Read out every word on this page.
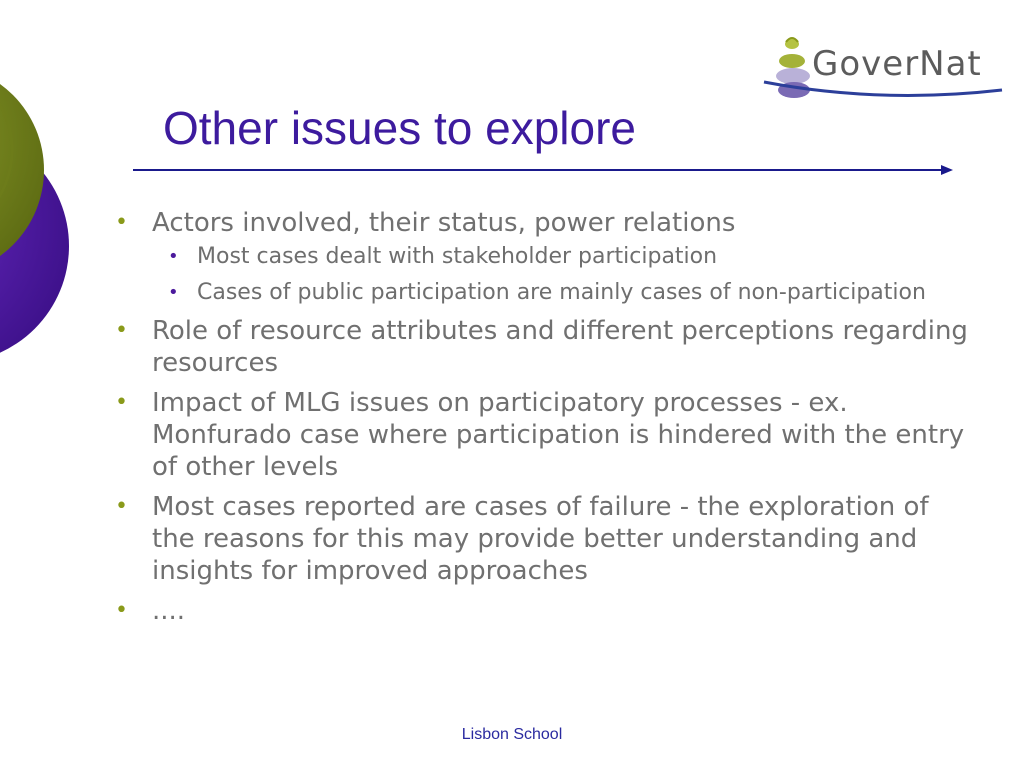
GoverNat
Other issues to explore
• Actors involved, their status, power relations
• Most cases dealt with stakeholder participation
• Cases of public participation are mainly cases of non-participation
• Role of resource attributes and different perceptions regarding resources
• Impact of MLG issues on participatory processes - ex. Monfurado case where participation is hindered with the entry of other levels
• Most cases reported are cases of failure - the exploration of the reasons for this may provide better understanding and insights for improved approaches
• ....
Lisbon School
